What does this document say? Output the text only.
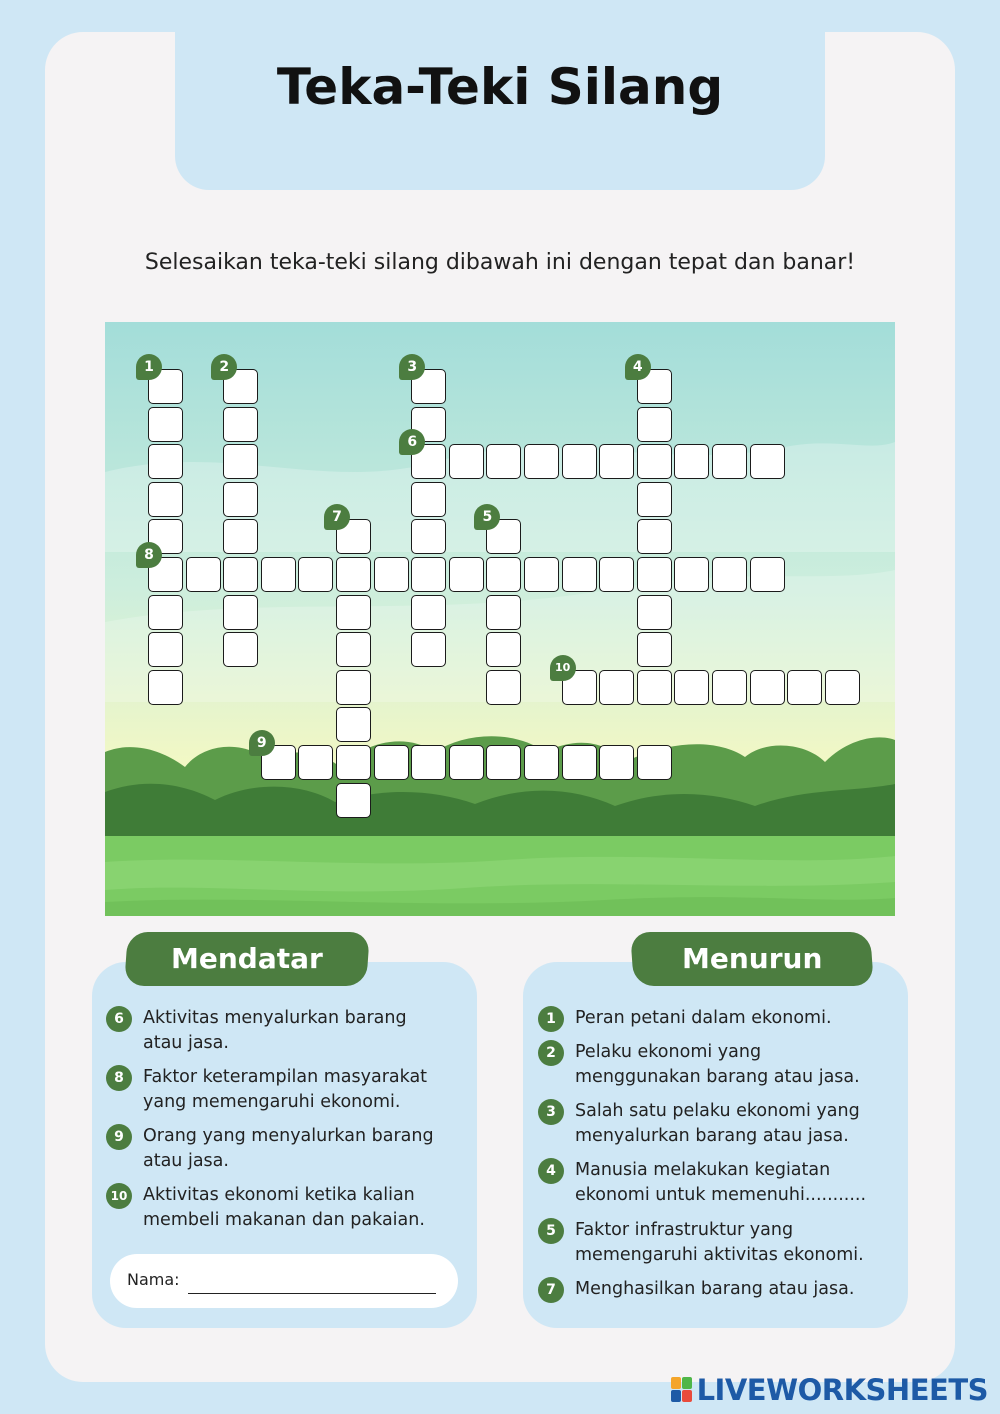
Teka-Teki Silang
Selesaikan teka-teki silang dibawah ini dengan tepat dan banar!
1	2	3	4
6
7	5
8
10
9
Mendatar
6	Aktivitas menyalurkan barang
atau jasa.
8	Faktor keterampilan masyarakat
yang memengaruhi ekonomi.
9	Orang yang menyalurkan barang
atau jasa.
10 Aktivitas ekonomi ketika kalian
membeli makanan dan pakaian.
Nama:
Menurun
1	Peran petani dalam ekonomi.
2	Pelaku ekonomi yang
menggunakan barang atau jasa.
3	Salah satu pelaku ekonomi yang
menyalurkan barang atau jasa.
4	Manusia melakukan kegiatan
ekonomi untuk memenuhi...........
5	Faktor infrastruktur yang
memengaruhi aktivitas ekonomi.
7	Menghasilkan barang atau jasa.
LIVEWORKSHEETS
